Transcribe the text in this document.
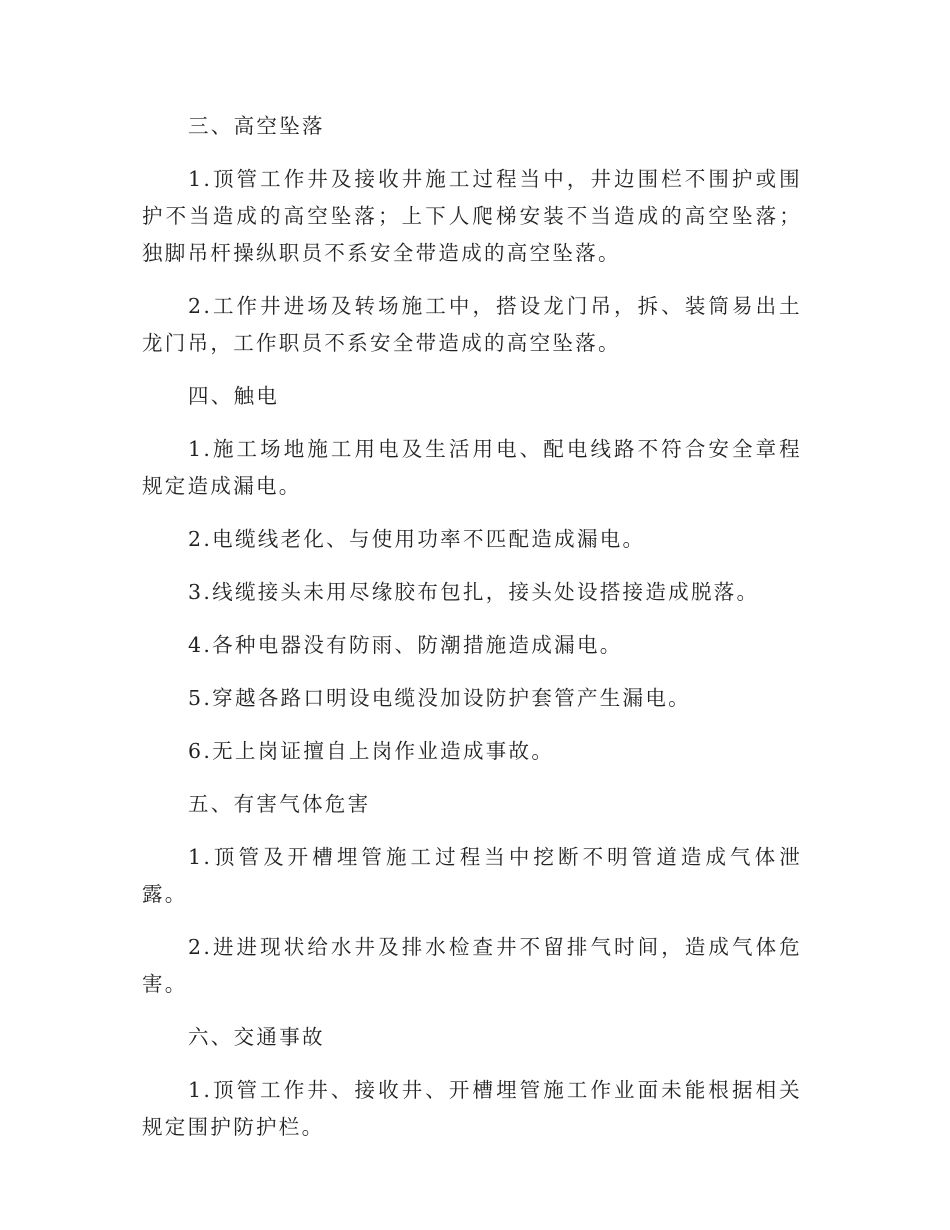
三、高空坠落

1.顶管工作井及接收井施工过程当中，井边围栏不围护或围护不当造成的高空坠落；上下人爬梯安装不当造成的高空坠落；独脚吊杆操纵职员不系安全带造成的高空坠落。

2.工作井进场及转场施工中，搭设龙门吊，拆、装筒易出土龙门吊，工作职员不系安全带造成的高空坠落。

四、触电

1.施工场地施工用电及生活用电、配电线路不符合安全章程规定造成漏电。

2.电缆线老化、与使用功率不匹配造成漏电。

3.线缆接头未用尽缘胶布包扎，接头处设搭接造成脱落。

4.各种电器没有防雨、防潮措施造成漏电。

5.穿越各路口明设电缆没加设防护套管产生漏电。

6.无上岗证擅自上岗作业造成事故。

五、有害气体危害

1.顶管及开槽埋管施工过程当中挖断不明管道造成气体泄露。

2.进进现状给水井及排水检查井不留排气时间，造成气体危害。

六、交通事故

1.顶管工作井、接收井、开槽埋管施工作业面未能根据相关规定围护防护栏。
